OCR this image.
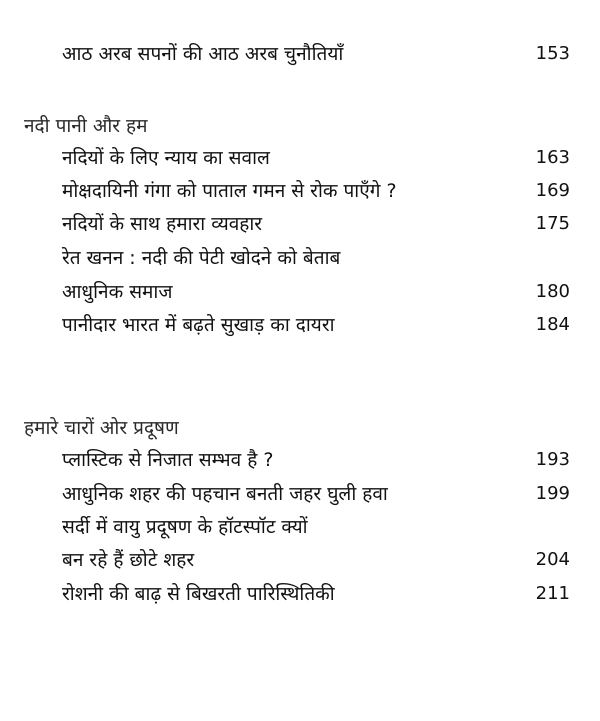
आठ अरब सपनों की आठ अरब चुनौतियाँ	153
नदी पानी और हम
नदियों के लिए न्याय का सवाल	163
मोक्षदायिनी गंगा को पाताल गमन से रोक पाएँगे ?	169
नदियों के साथ हमारा व्यवहार	175
रेत खनन : नदी की पेटी खोदने को बेताब
आधुनिक समाज	180
पानीदार भारत में बढ़ते सुखाड़ का दायरा	184
हमारे चारों ओर प्रदूषण
प्लास्टिक से निजात सम्भव है ?	193
आधुनिक शहर की पहचान बनती जहर घुली हवा	199
सर्दी में वायु प्रदूषण के हॉटस्पॉट क्यों
बन रहे हैं छोटे शहर	204
रोशनी की बाढ़ से बिखरती पारिस्थितिकी	211
